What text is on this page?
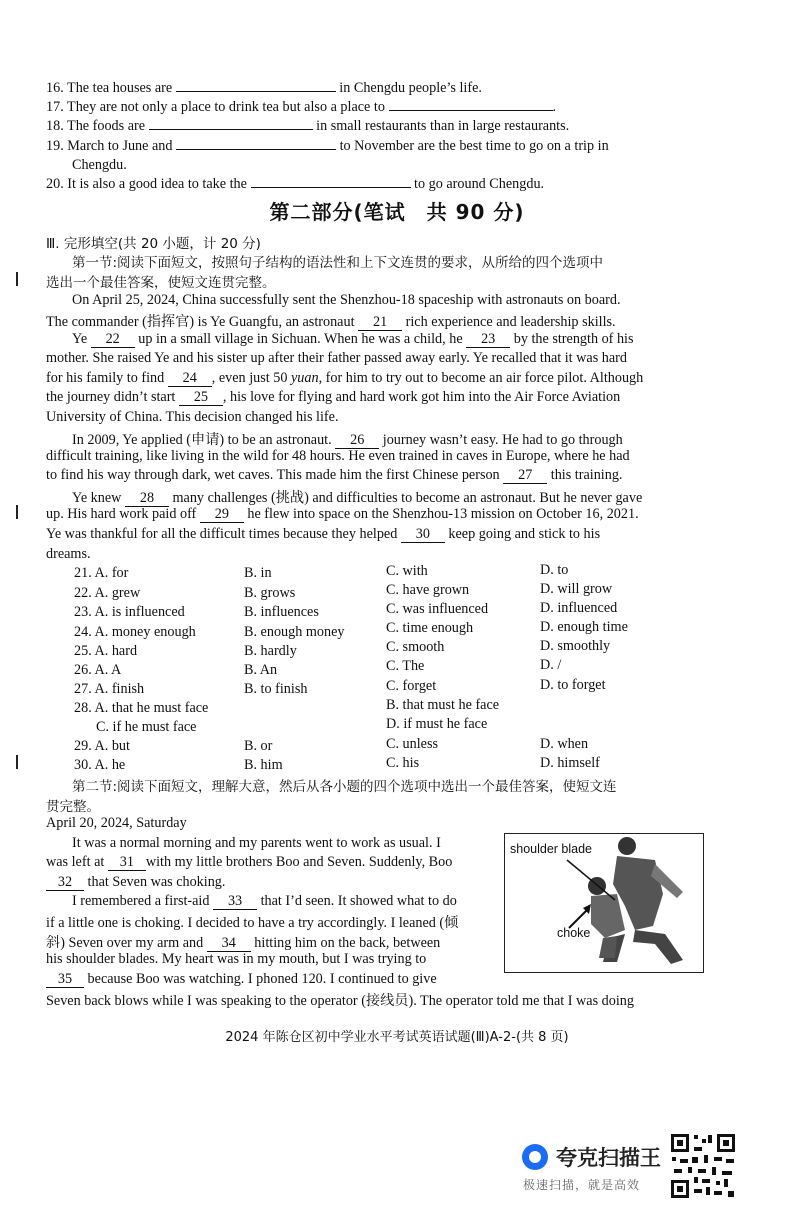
16. The tea houses are	in Chengdu people’s life.
17. They are not only a place to drink tea but also a place to	.
18. The foods are	in small restaurants than in large restaurants.
19. March to June and	to November are the best time to go on a trip in
Chengdu.
20. It is also a good idea to take the	to go around Chengdu.
第二部分(笔试　共 90 分)
Ⅲ. 完形填空(共 20 小题，计 20 分)
第一节:阅读下面短文，按照句子结构的语法性和上下文连贯的要求，从所给的四个选项中
选出一个最佳答案，使短文连贯完整。
On April 25, 2024, China successfully sent the Shenzhou-18 spaceship with astronauts on board.
The commander (指挥官) is Ye Guangfu, an astronaut 21 rich experience and leadership skills.
Ye 22 up in a small village in Sichuan. When he was a child, he 23 by the strength of his
mother. She raised Ye and his sister up after their father passed away early. Ye recalled that it was hard
for his family to find 24 , even just 50 yuan, for him to try out to become an air force pilot. Although
the journey didn’t start 25 , his love for flying and hard work got him into the Air Force Aviation
University of China. This decision changed his life.
In 2009, Ye applied (申请) to be an astronaut. 26 journey wasn’t easy. He had to go through
difficult training, like living in the wild for 48 hours. He even trained in caves in Europe, where he had
to find his way through dark, wet caves. This made him the first Chinese person 27 this training.
Ye knew 28 many challenges (挑战) and difficulties to become an astronaut. But he never gave
up. His hard work paid off 29 he flew into space on the Shenzhou-13 mission on October 16, 2021.
Ye was thankful for all the difficult times because they helped 30 keep going and stick to his
dreams.
21. A. for	B. in	C. with	D. to
22. A. grew	B. grows	C. have grown	D. will grow
23. A. is influenced	B. influences	C. was influenced	D. influenced
24. A. money enough	B. enough money	C. time enough	D. enough time
25. A. hard	B. hardly	C. smooth	D. smoothly
26. A. A	B. An	C. The	D. /
27. A. finish	B. to finish	C. forget	D. to forget
28. A. that he must face	B. that must he face
C. if he must face	D. if must he face
29. A. but	B. or	C. unless	D. when
30. A. he	B. him	C. his	D. himself
第二节:阅读下面短文，理解大意，然后从各小题的四个选项中选出一个最佳答案，使短文连
贯完整。
April 20, 2024, Saturday
It was a normal morning and my parents went to work as usual. I
was left at 31 with my little brothers Boo and Seven. Suddenly, Boo
32 that Seven was choking.
I remembered a first-aid 33 that I’d seen. It showed what to do
if a little one is choking. I decided to have a try accordingly. I leaned (倾
斜) Seven over my arm and 34 hitting him on the back, between
his shoulder blades. My heart was in my mouth, but I was trying to
35 because Boo was watching. I phoned 120. I continued to give
Seven back blows while I was speaking to the operator (接线员). The operator told me that I was doing
shoulder blade
choke
2024 年陈仓区初中学业水平考试英语试题(Ⅲ)A-2-(共 8 页)
夸克扫描王
极速扫描，就是高效
